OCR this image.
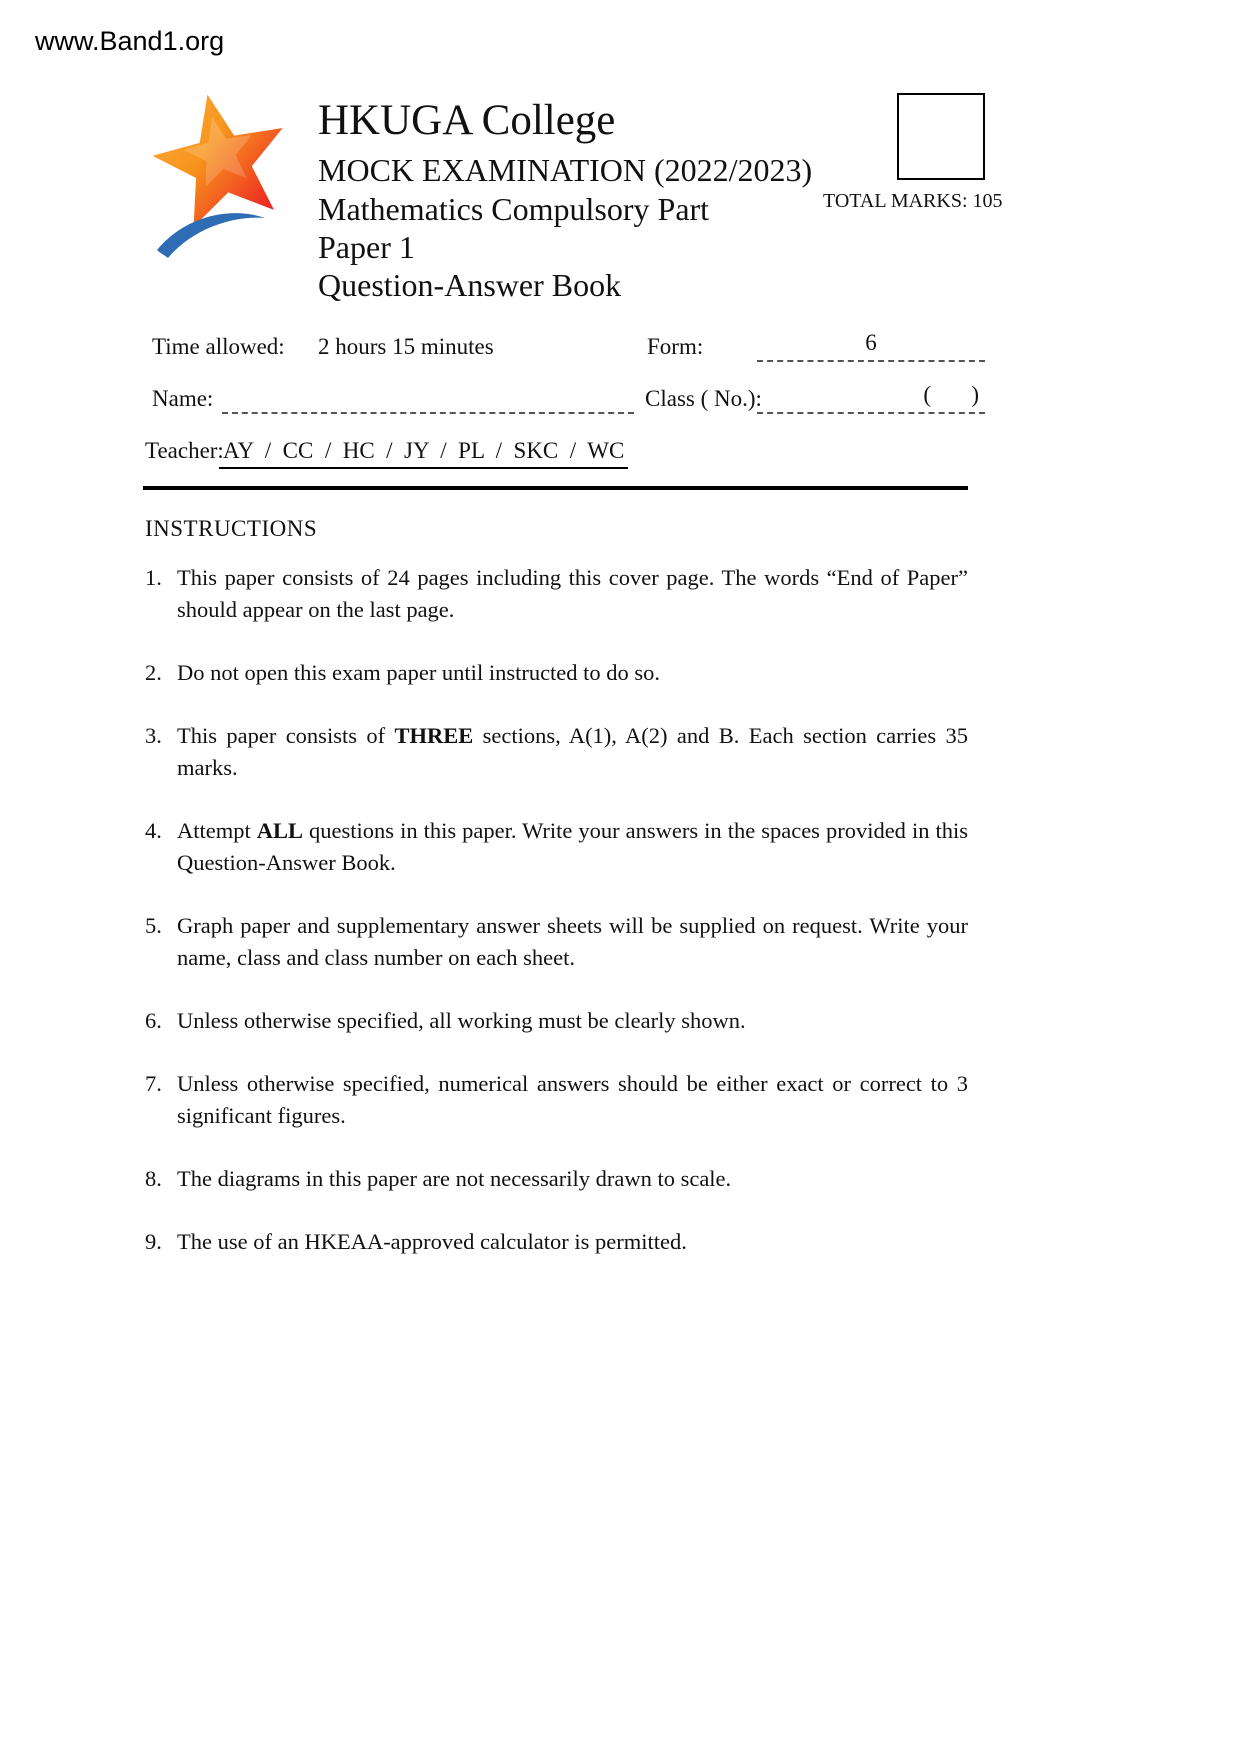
www.Band1.org
HKUGA College
MOCK EXAMINATION (2022/2023)
Mathematics Compulsory Part
Paper 1
Question-Answer Book
TOTAL MARKS: 105
Time allowed: 2 hours 15 minutes	Form:	6
Name:	Class ( No.):	(       )
Teacher: AY  /  CC  /  HC  /  JY  /  PL  /  SKC  /  WC
INSTRUCTIONS
1. This paper consists of 24 pages including this cover page. The words “End of Paper” should appear on the last page.
2. Do not open this exam paper until instructed to do so.
3. This paper consists of THREE sections, A(1), A(2) and B. Each section carries 35 marks.
4. Attempt ALL questions in this paper. Write your answers in the spaces provided in this Question-Answer Book.
5. Graph paper and supplementary answer sheets will be supplied on request. Write your name, class and class number on each sheet.
6. Unless otherwise specified, all working must be clearly shown.
7. Unless otherwise specified, numerical answers should be either exact or correct to 3 significant figures.
8. The diagrams in this paper are not necessarily drawn to scale.
9. The use of an HKEAA-approved calculator is permitted.
